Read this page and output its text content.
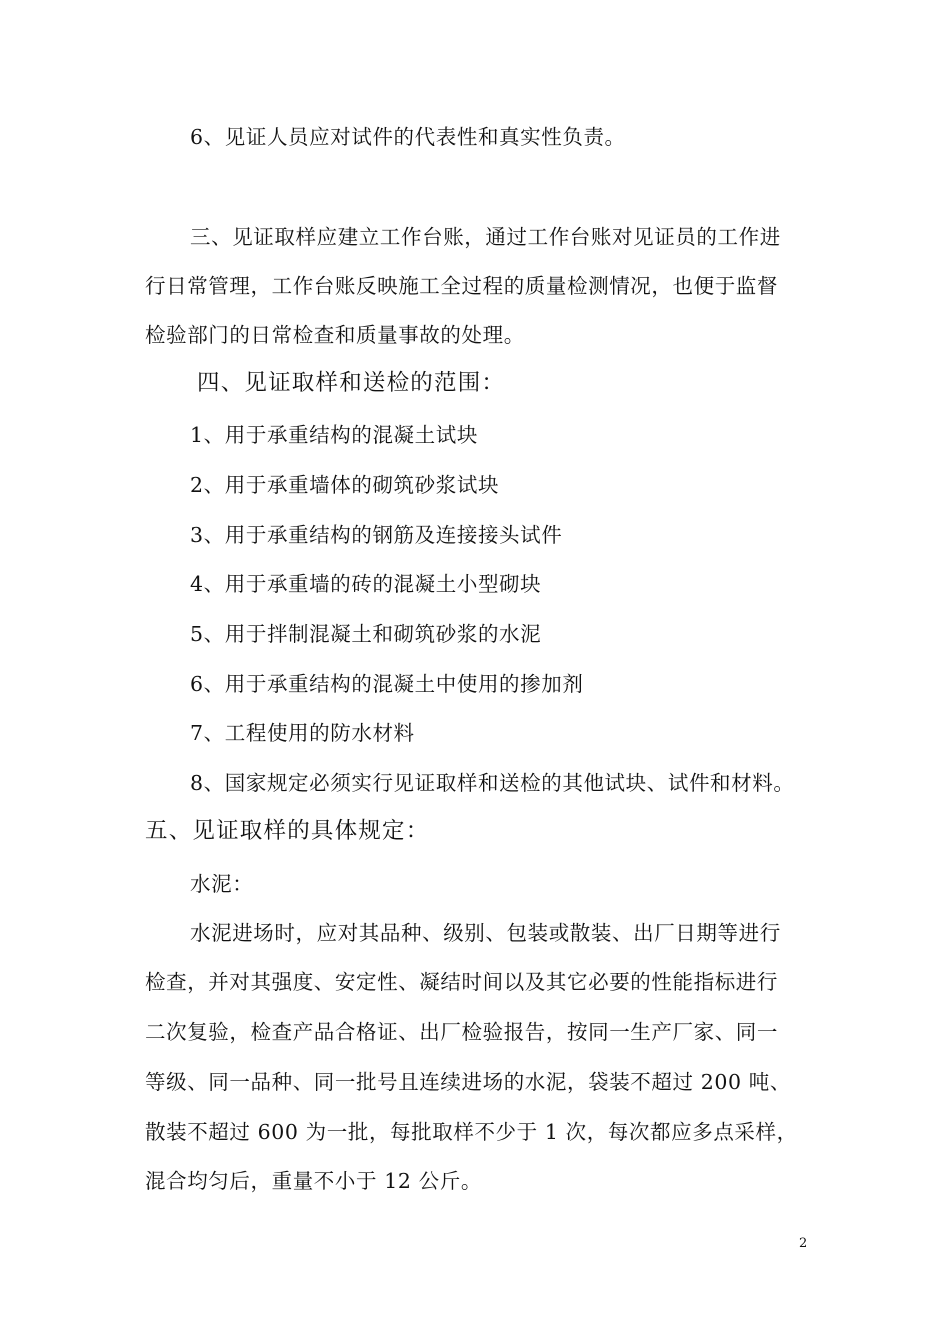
6、见证人员应对试件的代表性和真实性负责。
三、见证取样应建立工作台账，通过工作台账对见证员的工作进
行日常管理，工作台账反映施工全过程的质量检测情况，也便于监督
检验部门的日常检查和质量事故的处理。
四、见证取样和送检的范围：
1、用于承重结构的混凝土试块
2、用于承重墙体的砌筑砂浆试块
3、用于承重结构的钢筋及连接接头试件
4、用于承重墙的砖的混凝土小型砌块
5、用于拌制混凝土和砌筑砂浆的水泥
6、用于承重结构的混凝土中使用的掺加剂
7、工程使用的防水材料
8、国家规定必须实行见证取样和送检的其他试块、试件和材料。
五、见证取样的具体规定：
水泥：
水泥进场时，应对其品种、级别、包装或散装、出厂日期等进行
检查，并对其强度、安定性、凝结时间以及其它必要的性能指标进行
二次复验，检查产品合格证、出厂检验报告，按同一生产厂家、同一
等级、同一品种、同一批号且连续进场的水泥，袋装不超过 200 吨、
散装不超过 600 为一批，每批取样不少于 1 次，每次都应多点采样，
混合均匀后，重量不小于 12 公斤。
2
